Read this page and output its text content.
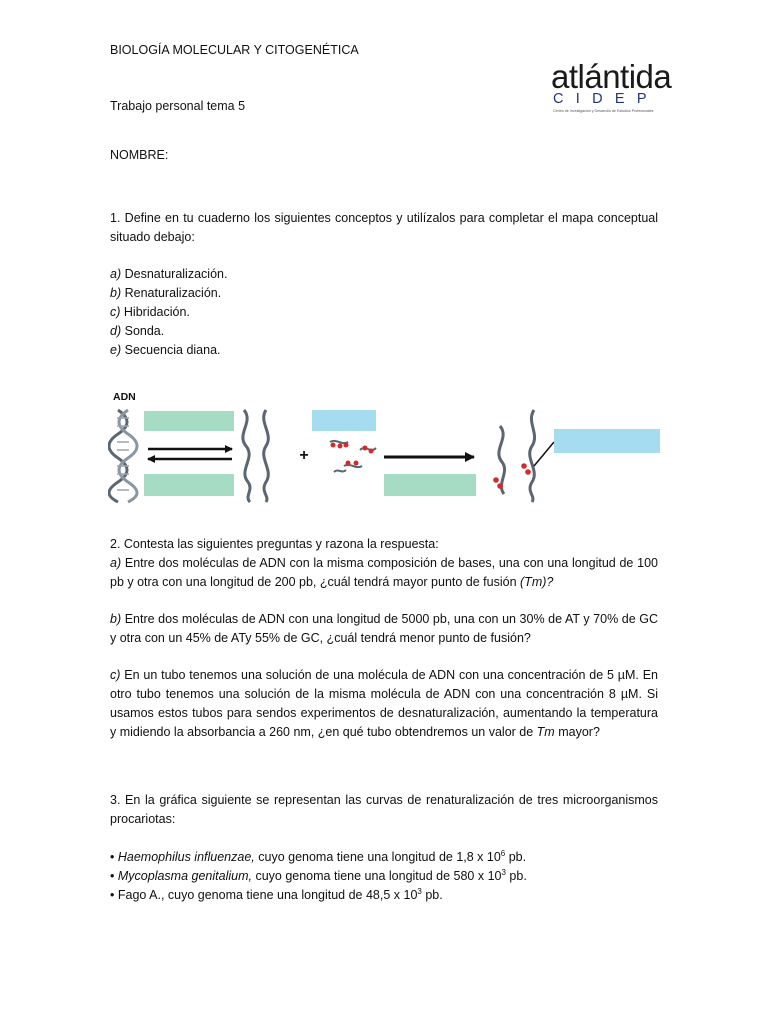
BIOLOGÍA MOLECULAR Y CITOGENÉTICA

atlántida
CIDEP
Centro de Investigación y Desarrollo de Estudios Profesionales

Trabajo personal tema 5

NOMBRE:

1. Define en tu cuaderno los siguientes conceptos y utilízalos para completar el mapa conceptual situado debajo:

a) Desnaturalización.
b) Renaturalización.
c) Hibridación.
d) Sonda.
e) Secuencia diana.
ADN
+

2. Contesta las siguientes preguntas y razona la respuesta:

a) Entre dos moléculas de ADN con la misma composición de bases, una con una longitud de 100 pb y otra con una longitud de 200 pb, ¿cuál tendrá mayor punto de fusión (Tm)?

b) Entre dos moléculas de ADN con una longitud de 5000 pb, una con un 30% de AT y 70% de GC y otra con un 45% de ATy 55% de GC, ¿cuál tendrá menor punto de fusión?

c) En un tubo tenemos una solución de una molécula de ADN con una concentración de 5 µM. En otro tubo tenemos una solución de la misma molécula de ADN con una concentración 8 µM. Si usamos estos tubos para sendos experimentos de desnaturalización, aumentando la temperatura y midiendo la absorbancia a 260 nm, ¿en qué tubo obtendremos un valor de Tm mayor?

3. En la gráfica siguiente se representan las curvas de renaturalización de tres microorganismos procariotas:

• Haemophilus influenzae, cuyo genoma tiene una longitud de 1,8 x $10^6$ pb.
• Mycoplasma genitalium, cuyo genoma tiene una longitud de 580 x $10^3$ pb.
• Fago A., cuyo genoma tiene una longitud de 48,5 x $10^3$ pb.
